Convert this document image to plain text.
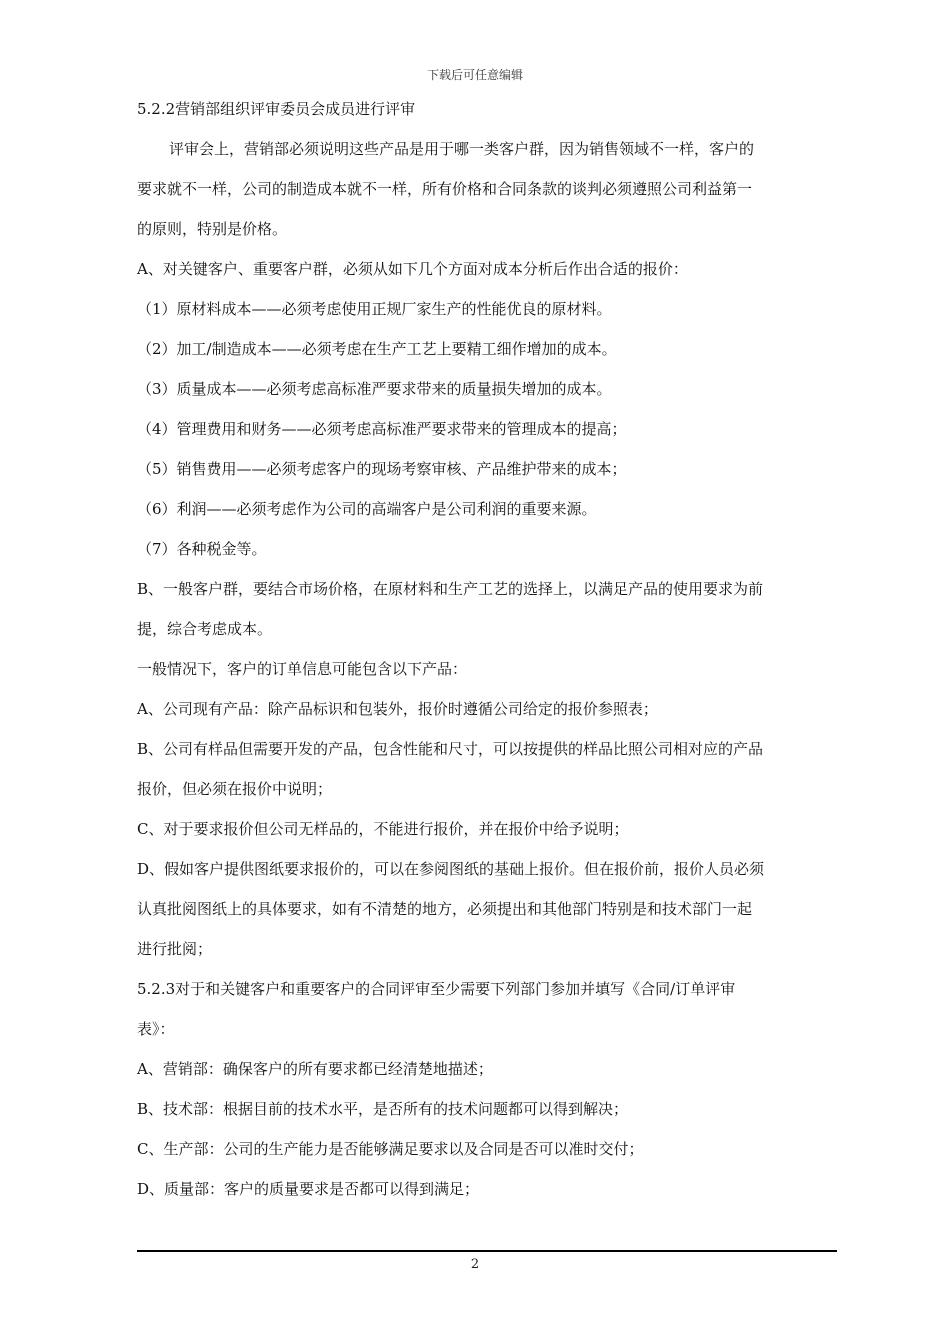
下载后可任意编辑
5.2.2营销部组织评审委员会成员进行评审
评审会上，营销部必须说明这些产品是用于哪一类客户群，因为销售领域不一样，客户的
要求就不一样，公司的制造成本就不一样，所有价格和合同条款的谈判必须遵照公司利益第一
的原则，特别是价格。
A、对关键客户、重要客户群，必须从如下几个方面对成本分析后作出合适的报价：
（1）原材料成本——必须考虑使用正规厂家生产的性能优良的原材料。
（2）加工/制造成本——必须考虑在生产工艺上要精工细作增加的成本。
（3）质量成本——必须考虑高标准严要求带来的质量损失增加的成本。
（4）管理费用和财务——必须考虑高标准严要求带来的管理成本的提高；
（5）销售费用——必须考虑客户的现场考察审核、产品维护带来的成本；
（6）利润——必须考虑作为公司的高端客户是公司利润的重要来源。
（7）各种税金等。
B、一般客户群，要结合市场价格，在原材料和生产工艺的选择上，以满足产品的使用要求为前
提，综合考虑成本。
一般情况下，客户的订单信息可能包含以下产品：
A、公司现有产品：除产品标识和包装外，报价时遵循公司给定的报价参照表；
B、公司有样品但需要开发的产品，包含性能和尺寸，可以按提供的样品比照公司相对应的产品
报价，但必须在报价中说明；
C、对于要求报价但公司无样品的，不能进行报价，并在报价中给予说明；
D、假如客户提供图纸要求报价的，可以在参阅图纸的基础上报价。但在报价前，报价人员必须
认真批阅图纸上的具体要求，如有不清楚的地方，必须提出和其他部门特别是和技术部门一起
进行批阅；
5.2.3对于和关键客户和重要客户的合同评审至少需要下列部门参加并填写《合同/订单评审
表》：
A、营销部：确保客户的所有要求都已经清楚地描述；
B、技术部：根据目前的技术水平，是否所有的技术问题都可以得到解决；
C、生产部：公司的生产能力是否能够满足要求以及合同是否可以准时交付；
D、质量部：客户的质量要求是否都可以得到满足；
2
